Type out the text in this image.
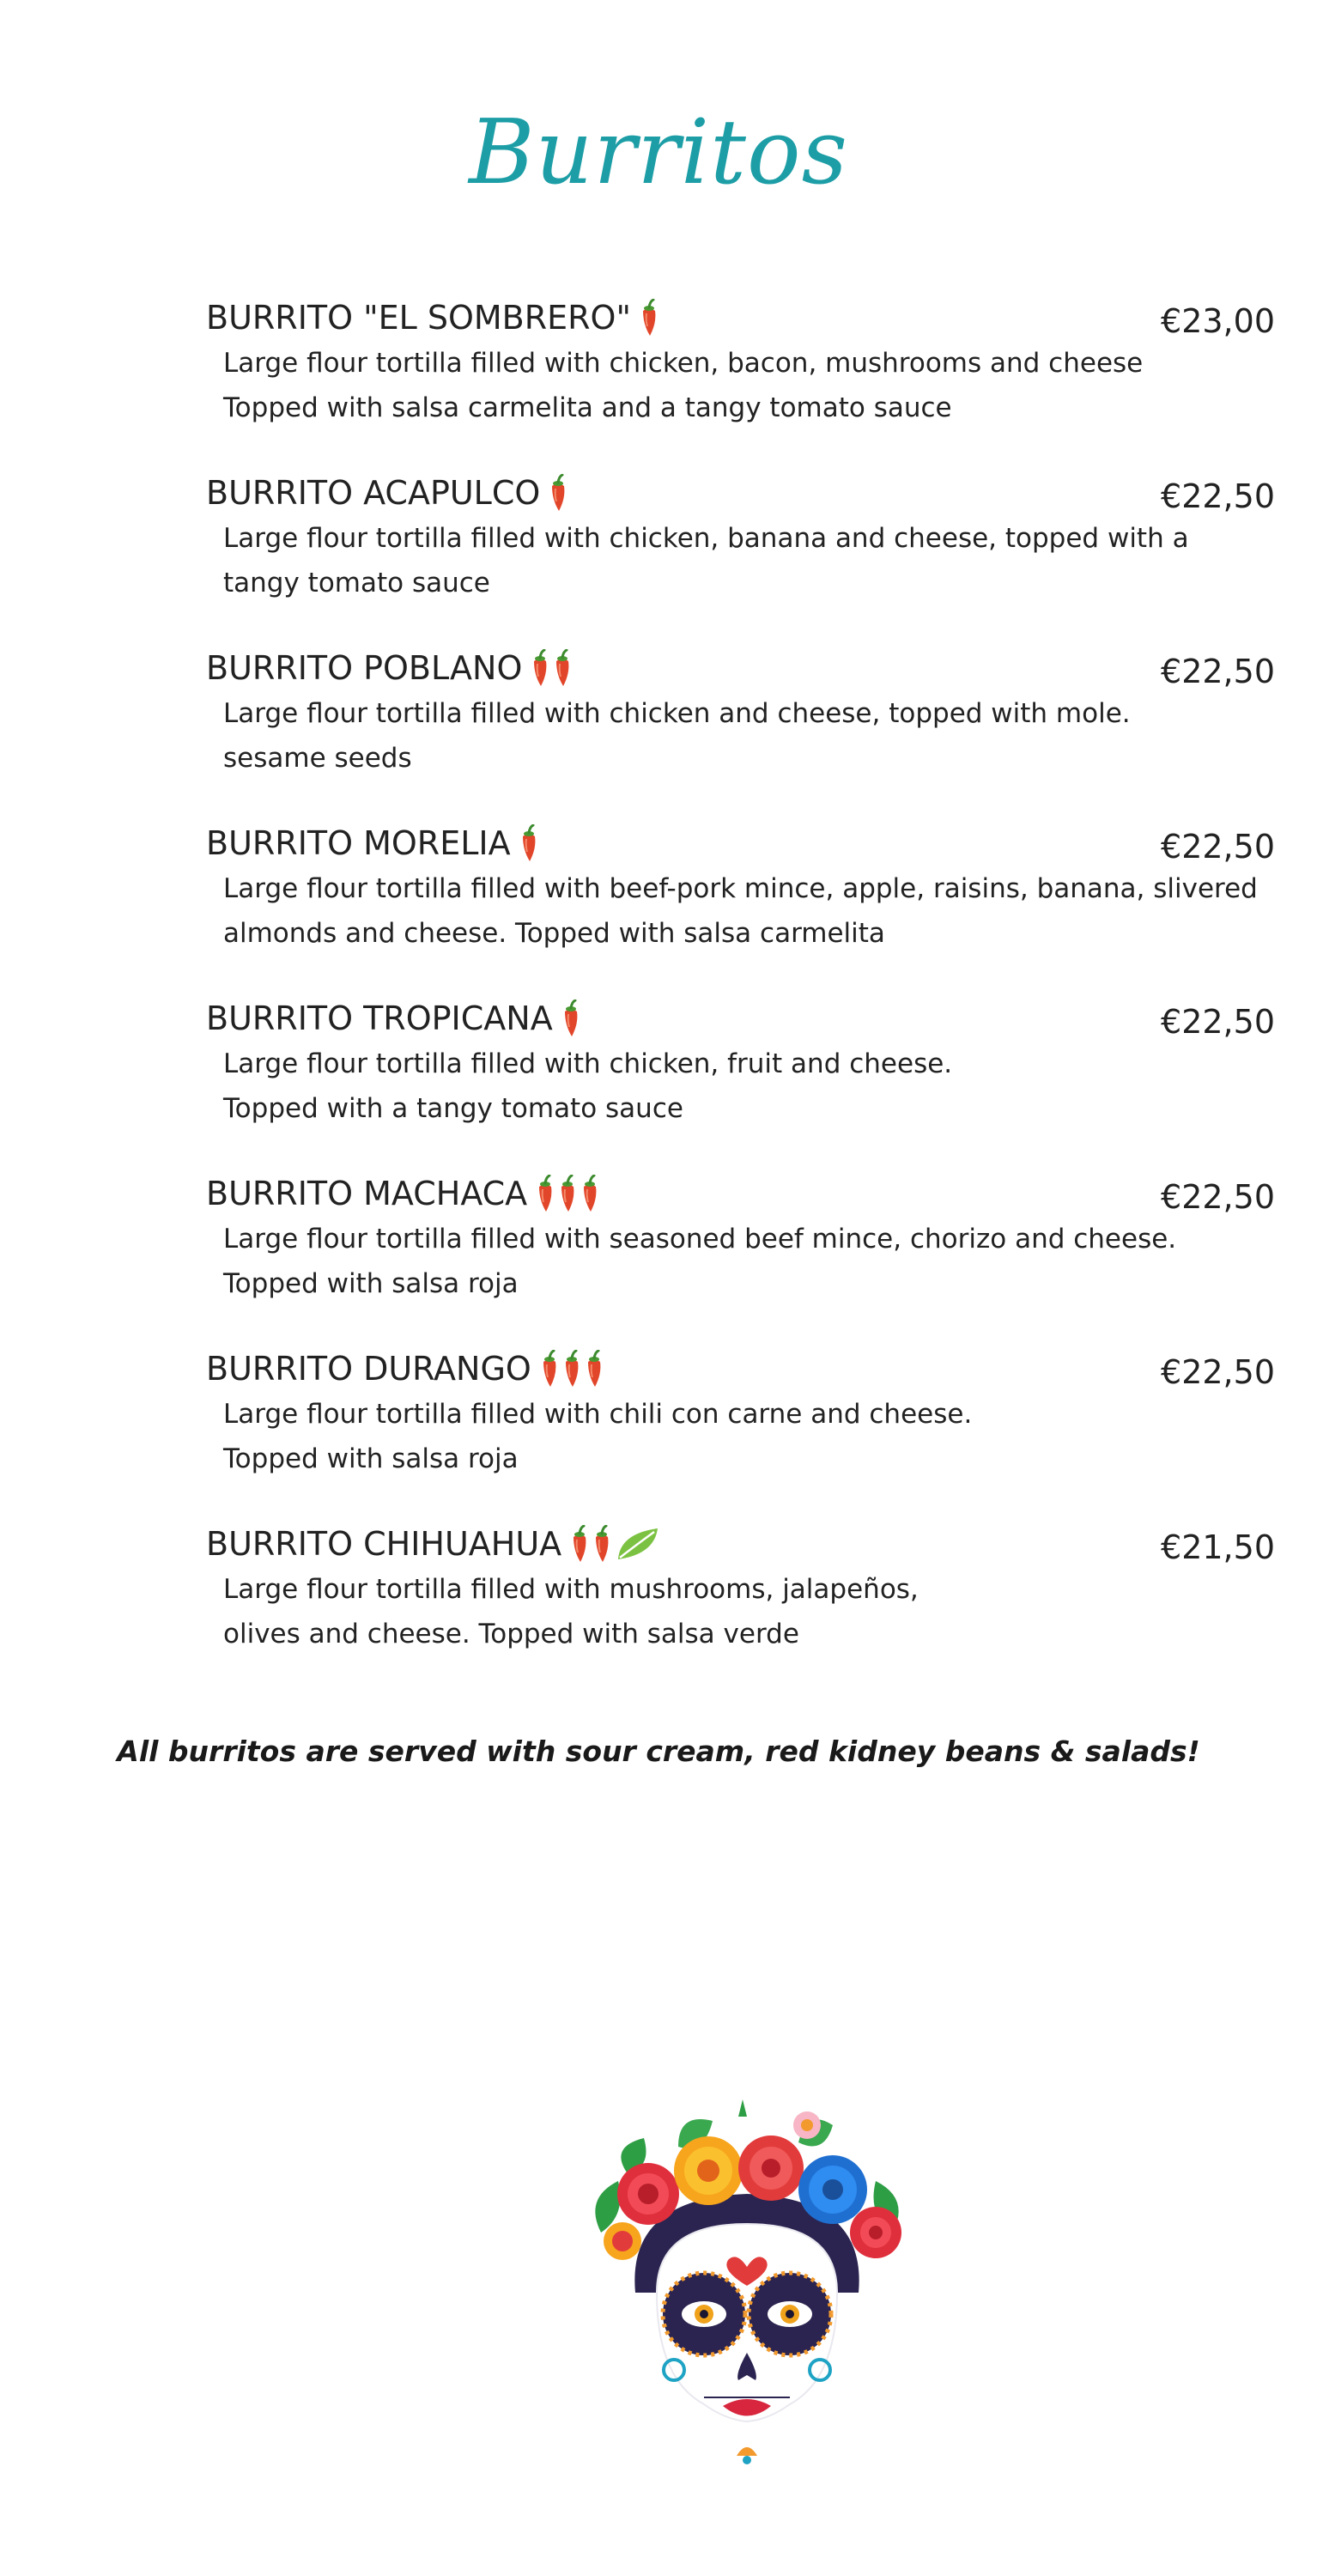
Burritos
BURRITO "EL SOMBRERO"	€23,00
Large flour tortilla filled with chicken, bacon, mushrooms and cheese
Topped with salsa carmelita and a tangy tomato sauce
BURRITO ACAPULCO	€22,50
Large flour tortilla filled with chicken, banana and cheese, topped with a
tangy tomato sauce
BURRITO POBLANO	€22,50
Large flour tortilla filled with chicken and cheese, topped with mole.
sesame seeds
BURRITO MORELIA	€22,50
Large flour tortilla filled with beef-pork mince, apple, raisins, banana, slivered
almonds and cheese. Topped with salsa carmelita
BURRITO TROPICANA	€22,50
Large flour tortilla filled with chicken, fruit and cheese.
Topped with a tangy tomato sauce
BURRITO MACHACA	€22,50
Large flour tortilla filled with seasoned beef mince, chorizo and cheese.
Topped with salsa roja
BURRITO DURANGO	€22,50
Large flour tortilla filled with chili con carne and cheese.
Topped with salsa roja
BURRITO CHIHUAHUA	€21,50
Large flour tortilla filled with mushrooms, jalapeños,
olives and cheese. Topped with salsa verde
All burritos are served with sour cream, red kidney beans & salads!
